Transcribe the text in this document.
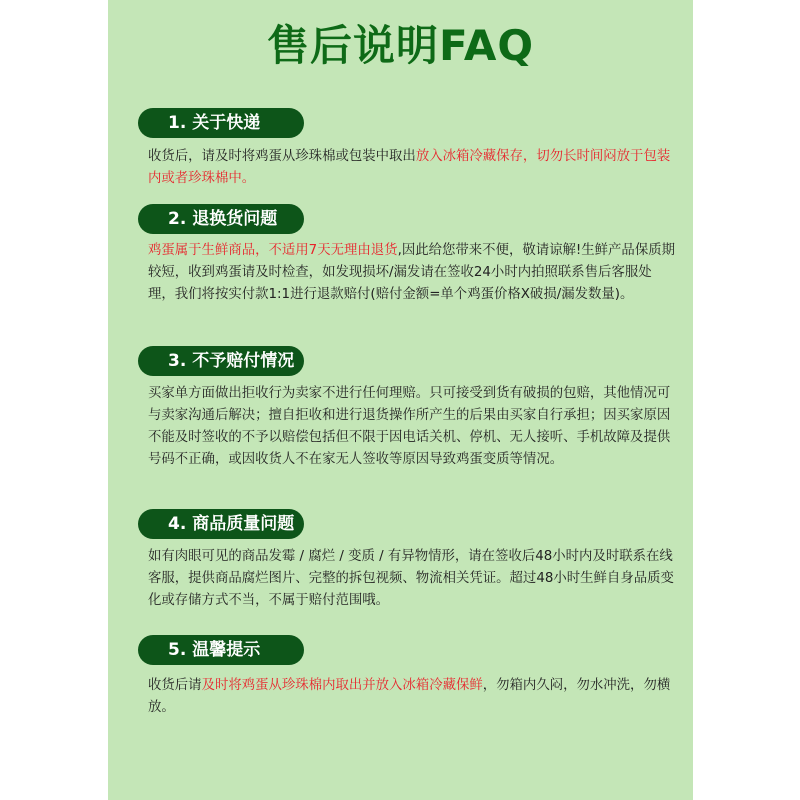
售后说明FAQ
1. 关于快递
收货后，请及时将鸡蛋从珍珠棉或包装中取出放入冰箱冷藏保存，切勿长时间闷放于包装内或者珍珠棉中。
2. 退换货问题
鸡蛋属于生鲜商品，不适用7天无理由退货,因此给您带来不便，敬请谅解!生鲜产品保质期较短，收到鸡蛋请及时检查，如发现损坏/漏发请在签收24小时内拍照联系售后客服处理，我们将按实付款1:1进行退款赔付(赔付金额=单个鸡蛋价格X破损/漏发数量)。
3. 不予赔付情况
买家单方面做出拒收行为卖家不进行任何理赔。只可接受到货有破损的包赔，其他情况可与卖家沟通后解决；擅自拒收和进行退货操作所产生的后果由买家自行承担；因买家原因不能及时签收的不予以赔偿包括但不限于因电话关机、停机、无人接听、手机故障及提供号码不正确，或因收货人不在家无人签收等原因导致鸡蛋变质等情况。
4. 商品质量问题
如有肉眼可见的商品发霉 / 腐烂 / 变质 / 有异物情形，请在签收后48小时内及时联系在线客服，提供商品腐烂图片、完整的拆包视频、物流相关凭证。超过48小时生鲜自身品质变化或存储方式不当，不属于赔付范围哦。
5. 温馨提示
收货后请及时将鸡蛋从珍珠棉内取出并放入冰箱冷藏保鲜，勿箱内久闷，勿水冲洗，勿横放。
